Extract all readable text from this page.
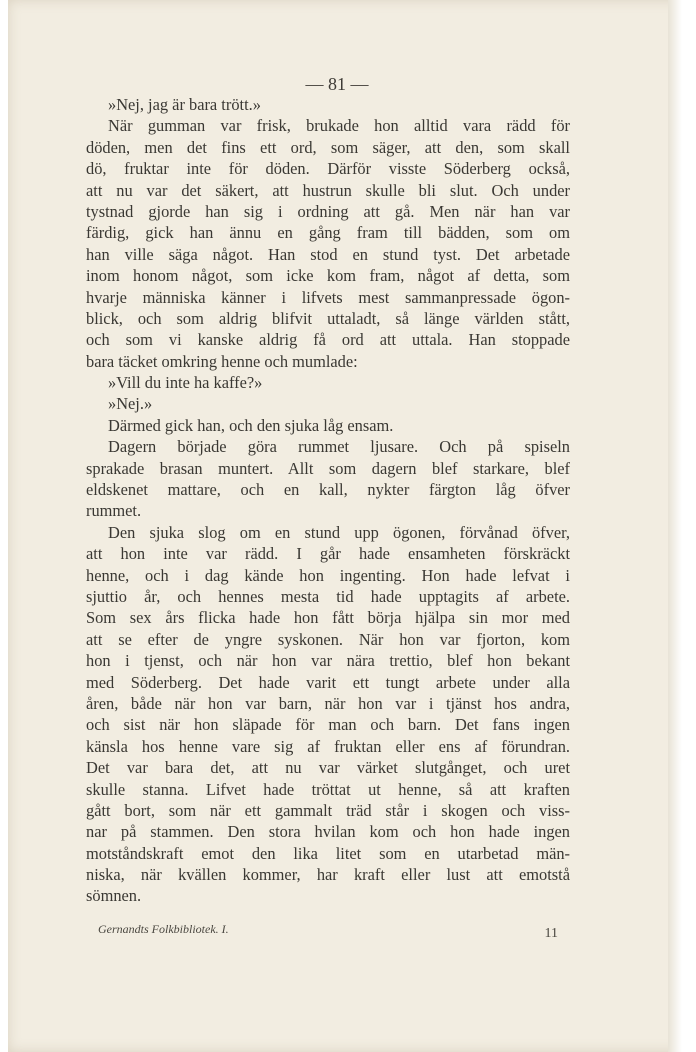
— 81 —
»Nej, jag är bara trött.»
När gumman var frisk, brukade hon alltid vara rädd för
döden, men det fins ett ord, som säger, att den, som skall
dö, fruktar inte för döden. Därför visste Söderberg också,
att nu var det säkert, att hustrun skulle bli slut. Och under
tystnad gjorde han sig i ordning att gå. Men när han var
färdig, gick han ännu en gång fram till bädden, som om
han ville säga något. Han stod en stund tyst. Det arbetade
inom honom något, som icke kom fram, något af detta, som
hvarje människa känner i lifvets mest sammanpressade ögon-
blick, och som aldrig blifvit uttaladt, så länge världen stått,
och som vi kanske aldrig få ord att uttala. Han stoppade
bara täcket omkring henne och mumlade:
»Vill du inte ha kaffe?»
»Nej.»
Därmed gick han, och den sjuka låg ensam.
Dagern började göra rummet ljusare. Och på spiseln
sprakade brasan muntert. Allt som dagern blef starkare, blef
eldskenet mattare, och en kall, nykter färgton låg öfver
rummet.
Den sjuka slog om en stund upp ögonen, förvånad öfver,
att hon inte var rädd. I går hade ensamheten förskräckt
henne, och i dag kände hon ingenting. Hon hade lefvat i
sjuttio år, och hennes mesta tid hade upptagits af arbete.
Som sex års flicka hade hon fått börja hjälpa sin mor med
att se efter de yngre syskonen. När hon var fjorton, kom
hon i tjenst, och när hon var nära trettio, blef hon bekant
med Söderberg. Det hade varit ett tungt arbete under alla
åren, både när hon var barn, när hon var i tjänst hos andra,
och sist när hon släpade för man och barn. Det fans ingen
känsla hos henne vare sig af fruktan eller ens af förundran.
Det var bara det, att nu var värket slutgånget, och uret
skulle stanna. Lifvet hade tröttat ut henne, så att kraften
gått bort, som när ett gammalt träd står i skogen och viss-
nar på stammen. Den stora hvilan kom och hon hade ingen
motståndskraft emot den lika litet som en utarbetad män-
niska, när kvällen kommer, har kraft eller lust att emotstå
sömnen.
Gernandts Folkbibliotek. I.	11
